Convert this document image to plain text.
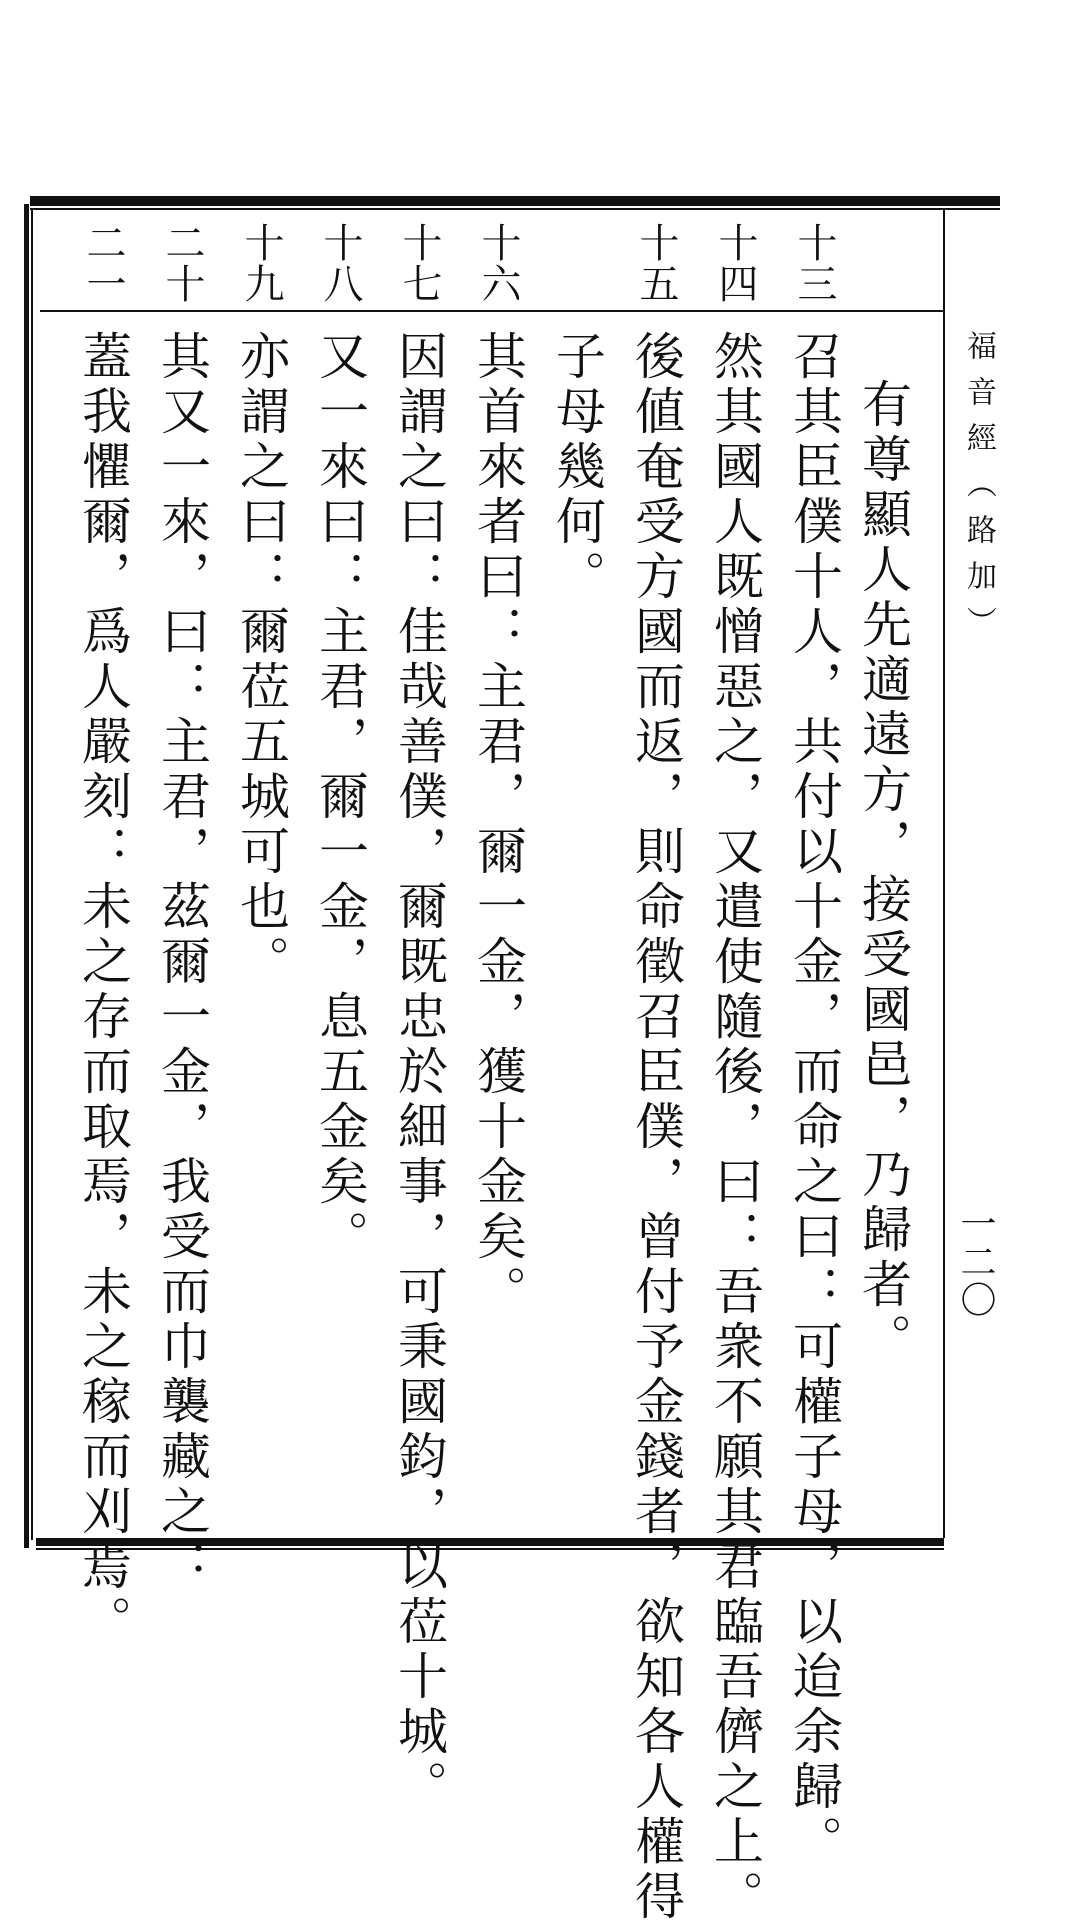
福音經（路加）
一二〇
有尊顯人先適遠方，接受國邑，乃歸者。
十三
召其臣僕十人，共付以十金，而命之曰：可權子母，以迨余歸。
十四
然其國人既憎惡之，又遣使隨後，曰：吾衆不願其君臨吾儕之上。
十五
後値奄受方國而返，則命徵召臣僕，曾付予金錢者，欲知各人權得
子母幾何。
十六
其首來者曰：主君，爾一金，獲十金矣。
十七
因謂之曰：佳哉善僕，爾既忠於細事，可秉國鈞，以莅十城。
十八
又一來曰：主君，爾一金，息五金矣。
十九
亦謂之曰：爾莅五城可也。
二十
其又一來，曰：主君，茲爾一金，我受而巾襲藏之：
二一
蓋我懼爾，爲人嚴刻：未之存而取焉，未之稼而刈焉。
